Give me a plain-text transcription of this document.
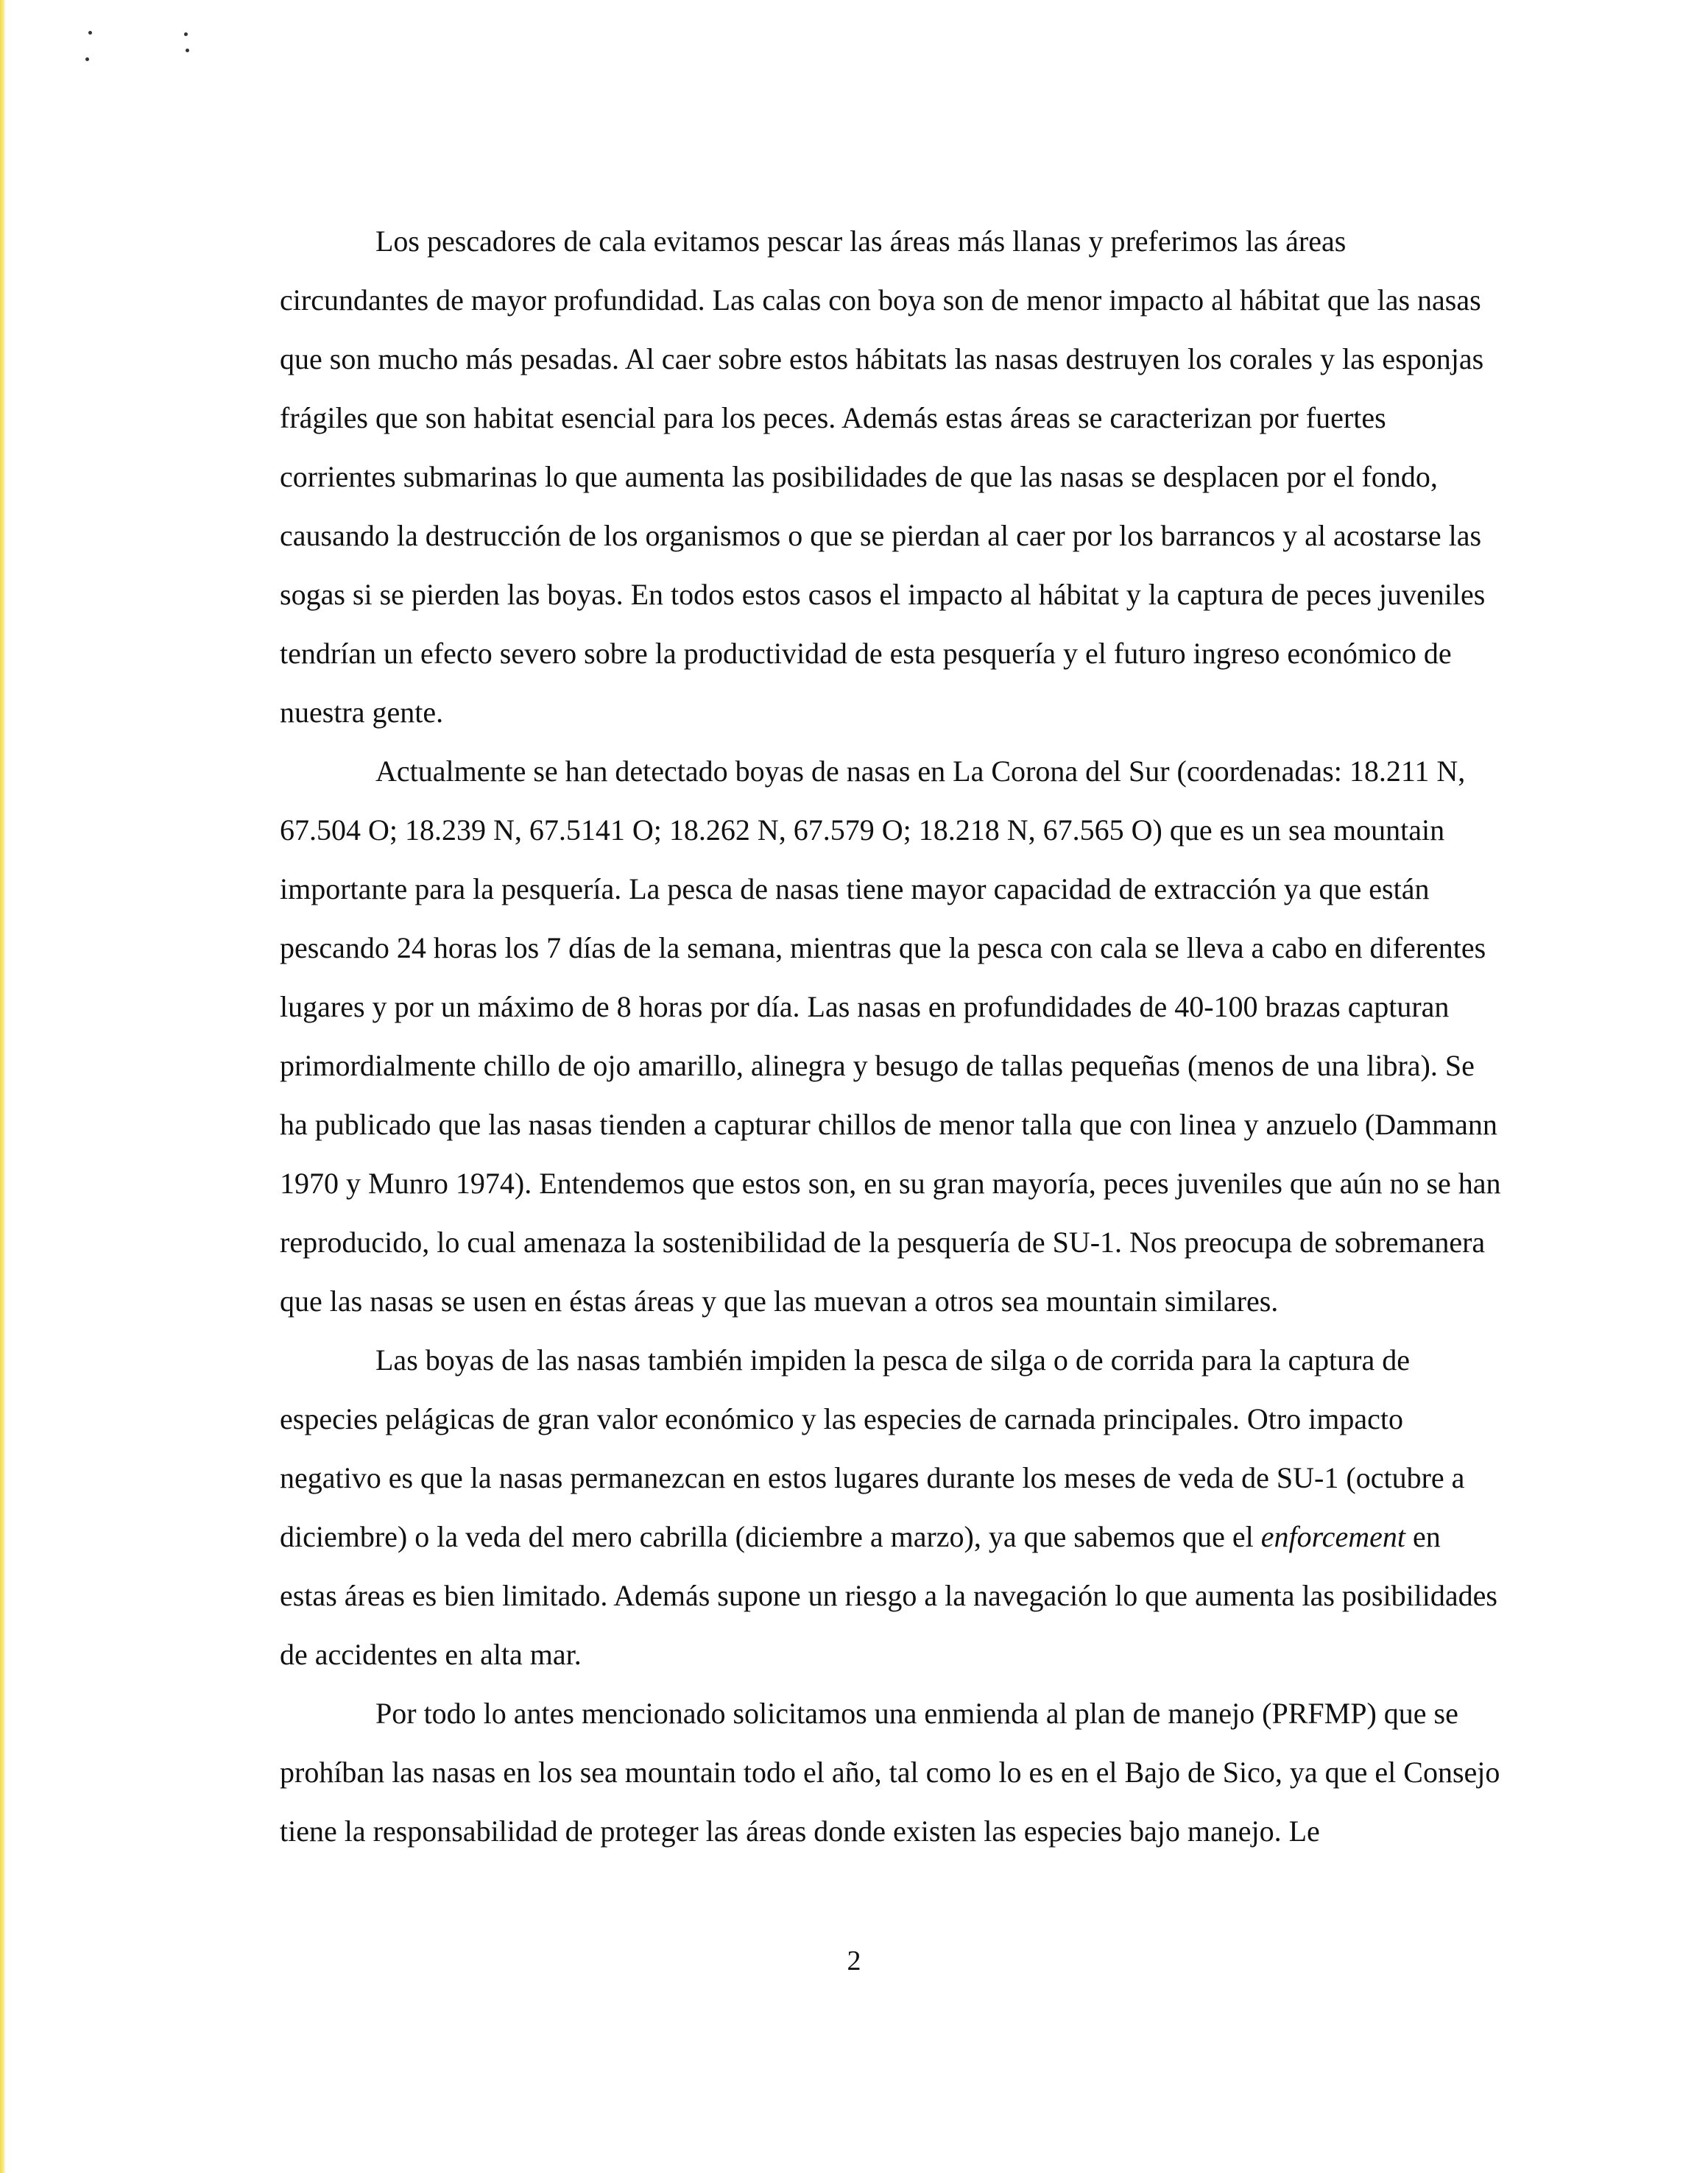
Los pescadores de cala evitamos pescar las áreas más llanas y preferimos las áreas circundantes de mayor profundidad. Las calas con boya son de menor impacto al hábitat que las nasas que son mucho más pesadas. Al caer sobre estos hábitats las nasas destruyen los corales y las esponjas frágiles que son habitat esencial para los peces. Además estas áreas se caracterizan por fuertes corrientes submarinas lo que aumenta las posibilidades de que las nasas se desplacen por el fondo, causando la destrucción de los organismos o que se pierdan al caer por los barrancos y al acostarse las sogas si se pierden las boyas. En todos estos casos el impacto al hábitat y la captura de peces juveniles tendrían un efecto severo sobre la productividad de esta pesquería y el futuro ingreso económico de nuestra gente.

Actualmente se han detectado boyas de nasas en La Corona del Sur (coordenadas: 18.211 N, 67.504 O; 18.239 N, 67.5141 O; 18.262 N, 67.579 O; 18.218 N, 67.565 O) que es un sea mountain importante para la pesquería. La pesca de nasas tiene mayor capacidad de extracción ya que están pescando 24 horas los 7 días de la semana, mientras que la pesca con cala se lleva a cabo en diferentes lugares y por un máximo de 8 horas por día. Las nasas en profundidades de 40-100 brazas capturan primordialmente chillo de ojo amarillo, alinegra y besugo de tallas pequeñas (menos de una libra). Se ha publicado que las nasas tienden a capturar chillos de menor talla que con linea y anzuelo (Dammann 1970 y Munro 1974). Entendemos que estos son, en su gran mayoría, peces juveniles que aún no se han reproducido, lo cual amenaza la sostenibilidad de la pesquería de SU-1. Nos preocupa de sobremanera que las nasas se usen en éstas áreas y que las muevan a otros sea mountain similares.

Las boyas de las nasas también impiden la pesca de silga o de corrida para la captura de especies pelágicas de gran valor económico y las especies de carnada principales. Otro impacto negativo es que la nasas permanezcan en estos lugares durante los meses de veda de SU-1 (octubre a diciembre) o la veda del mero cabrilla (diciembre a marzo), ya que sabemos que el enforcement en estas áreas es bien limitado. Además supone un riesgo a la navegación lo que aumenta las posibilidades de accidentes en alta mar.

Por todo lo antes mencionado solicitamos una enmienda al plan de manejo (PRFMP) que se prohíban las nasas en los sea mountain todo el año, tal como lo es en el Bajo de Sico, ya que el Consejo tiene la responsabilidad de proteger las áreas donde existen las especies bajo manejo. Le

2
